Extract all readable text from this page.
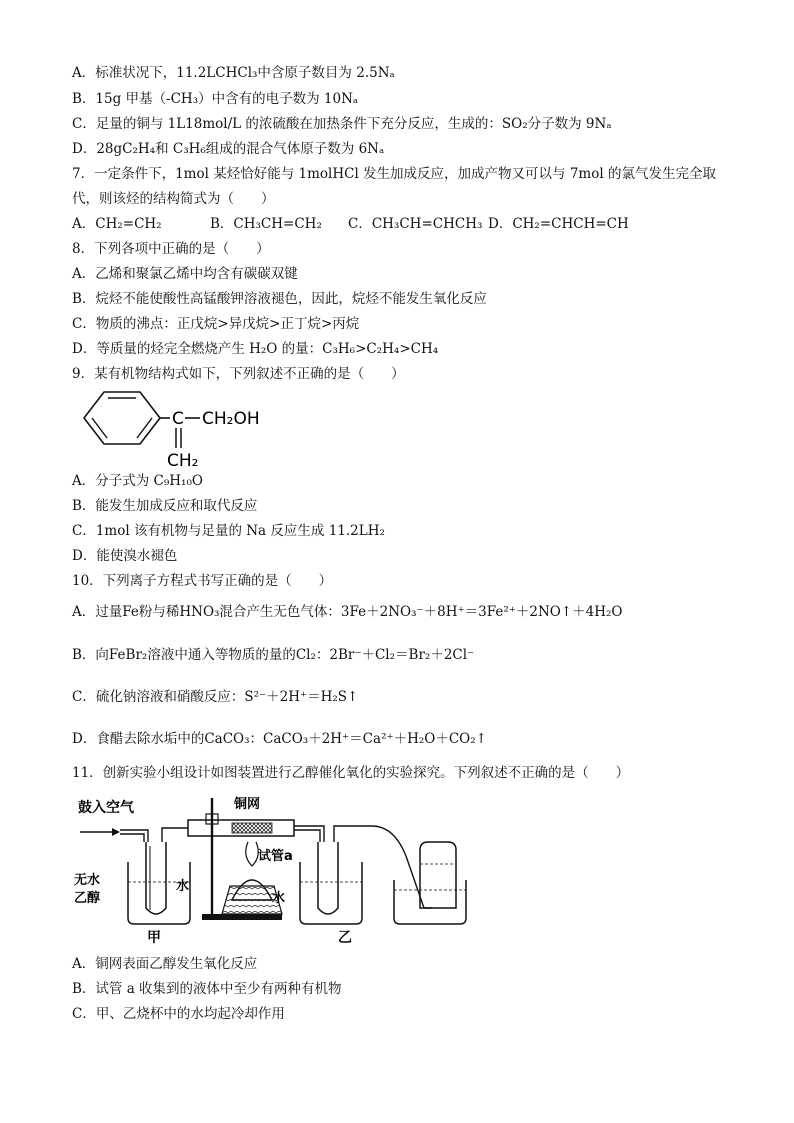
A．标准状况下，11.2LCHCl₃中含原子数目为 2.5Nₐ
B．15g 甲基（-CH₃）中含有的电子数为 10Nₐ
C．足量的铜与 1L18mol/L 的浓硫酸在加热条件下充分反应，生成的：SO₂分子数为 9Nₐ
D．28gC₂H₄和 C₃H₆组成的混合气体原子数为 6Nₐ
7．一定条件下，1mol 某烃恰好能与 1molHCl 发生加成反应，加成产物又可以与 7mol 的氯气发生完全取
代，则该烃的结构简式为（　　）
A．CH₂=CH₂	B．CH₃CH=CH₂	C．CH₃CH=CHCH₃ D．CH₂=CHCH=CH
8．下列各项中正确的是（　　）
A．乙烯和聚氯乙烯中均含有碳碳双键
B．烷烃不能使酸性高锰酸钾溶液褪色，因此，烷烃不能发生氧化反应
C．物质的沸点：正戊烷>异戊烷>正丁烷>丙烷
D．等质量的烃完全燃烧产生 H₂O 的量：C₃H₆>C₂H₄>CH₄
9．某有机物结构式如下，下列叙述不正确的是（　　）
C CH₂OH
CH₂
A．分子式为 C₉H₁₀O
B．能发生加成反应和取代反应
C．1mol 该有机物与足量的 Na 反应生成 11.2LH₂
D．能使溴水褪色
10．下列离子方程式书写正确的是（　　）
A．过量Fe粉与稀HNO₃混合产生无色气体：3Fe＋2NO₃⁻＋8H⁺＝3Fe²⁺＋2NO↑＋4H₂O
B．向FeBr₂溶液中通入等物质的量的Cl₂：2Br⁻＋Cl₂＝Br₂＋2Cl⁻
C．硫化钠溶液和硝酸反应：S²⁻＋2H⁺＝H₂S↑
D．食醋去除水垢中的CaCO₃：CaCO₃＋2H⁺＝Ca²⁺＋H₂O＋CO₂↑
11．创新实验小组设计如图装置进行乙醇催化氧化的实验探究。下列叙述不正确的是（　　）
鼓入空气
无水
乙醇
水
甲
铜网
试管a
水
乙
A．铜网表面乙醇发生氧化反应
B．试管 a 收集到的液体中至少有两种有机物
C．甲、乙烧杯中的水均起冷却作用
